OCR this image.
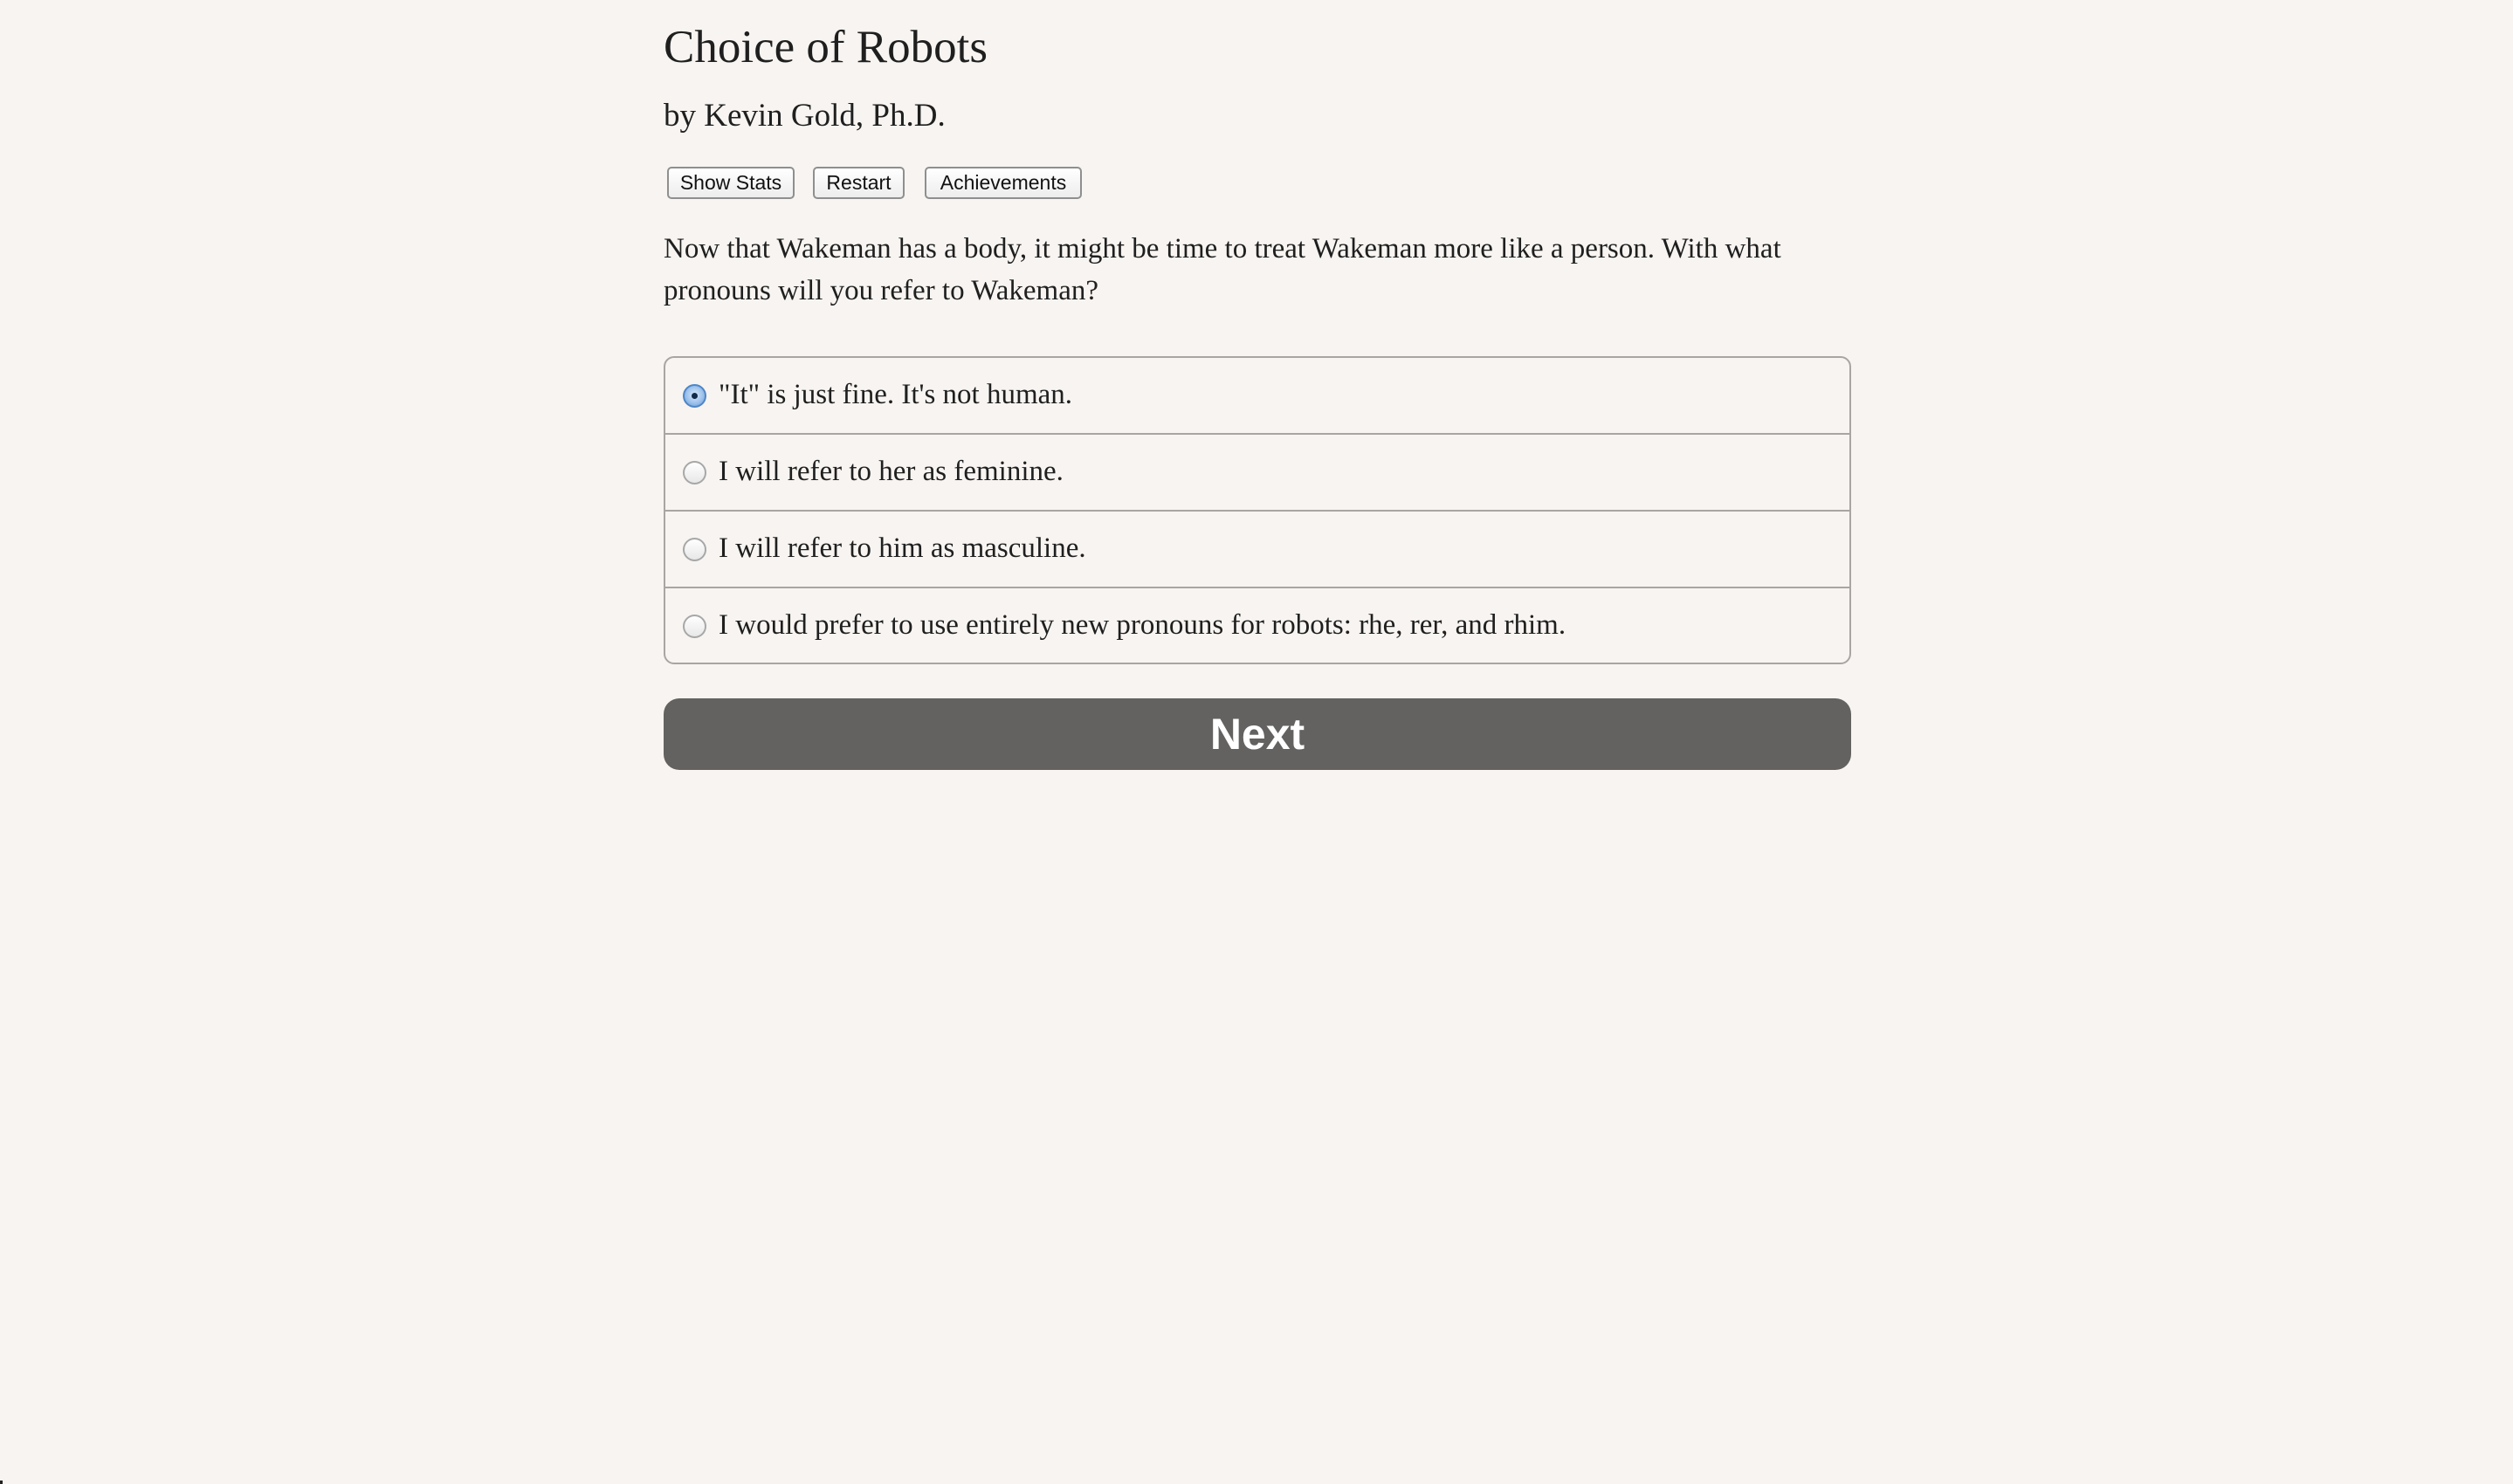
Choice of Robots

by Kevin Gold, Ph.D.

Show Stats	Restart	Achievements

Now that Wakeman has a body, it might be time to treat Wakeman more like a person. With what pronouns will you refer to Wakeman?

"It" is just fine. It's not human.
I will refer to her as feminine.
I will refer to him as masculine.
I would prefer to use entirely new pronouns for robots: rhe, rer, and rhim.
Next
